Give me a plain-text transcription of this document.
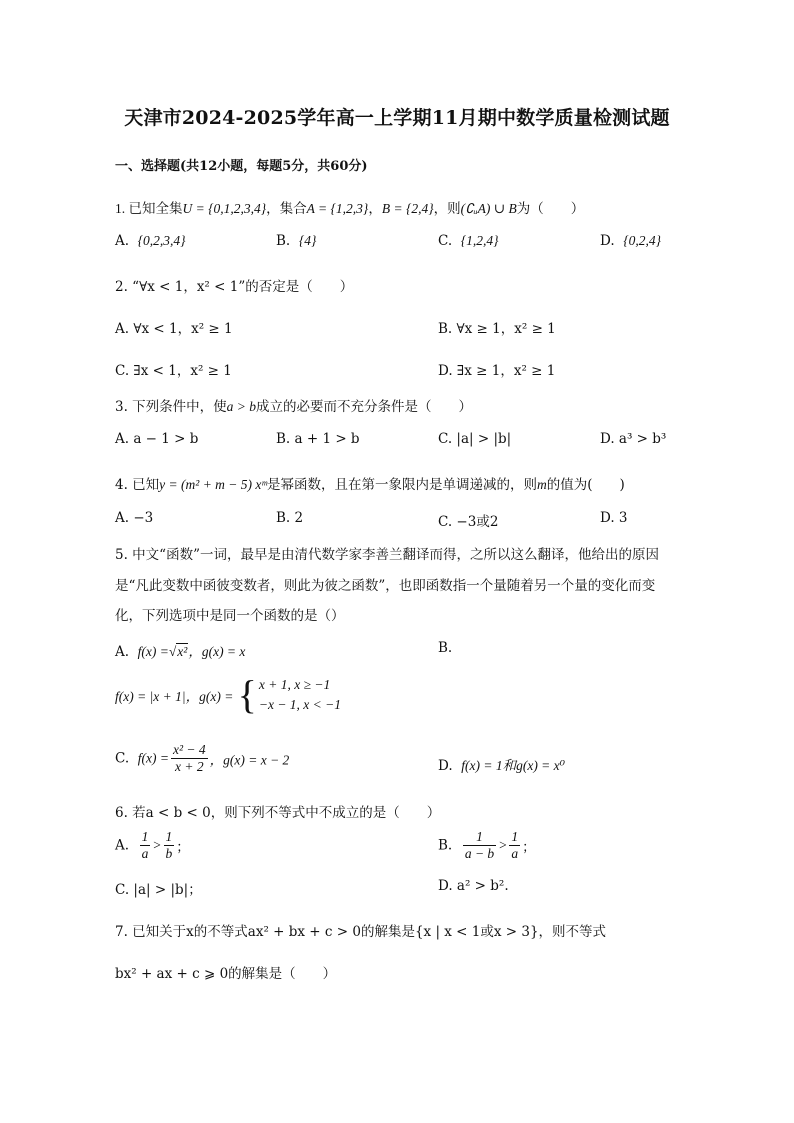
天津市2024-2025学年高一上学期11月期中数学质量检测试题
一、选择题(共12小题，每题5分，共60分)
1. 已知全集U = {0,1,2,3,4}，集合A = {1,2,3}，B = {2,4}，则(∁ᵤA) ∪ B为（　　）
A. {0,2,3,4}	B. {4}	C. {1,2,4}	D. {0,2,4}
2. “∀x < 1，x² < 1”的否定是（　　）
A. ∀x < 1，x² ≥ 1	B. ∀x ≥ 1，x² ≥ 1
C. ∃x < 1，x² ≥ 1	D. ∃x ≥ 1，x² ≥ 1
3. 下列条件中，使a > b成立的必要而不充分条件是（　　）
A. a − 1 > b	B. a + 1 > b	C. |a| > |b|	D. a³ > b³
4. 已知y = (m² + m − 5) xᵐ是幂函数，且在第一象限内是单调递减的，则m的值为(　　)
A. −3	B. 2	C. −3或2	D. 3
5. 中文“函数”一词，最早是由清代数学家李善兰翻译而得，之所以这么翻译，他给出的原因
是“凡此变数中函彼变数者，则此为彼之函数”，也即函数指一个量随着另一个量的变化而变
化，下列选项中是同一个函数的是（）
A. f(x) =√x²，g(x) = x	B.
f(x) = |x + 1|，g(x) = { x + 1, x ≥ −1
−x − 1, x < −1
C. $f(x) = \frac{\text{x² − 4}}{x + 2}$ ，g(x) = x − 2	D. f(x) = 1和g(x) = x⁰
6. 若a < b < 0，则下列不等式中不成立的是（　　）
A. $\frac{1}{a} > \frac{1}{b}$ ；	B. $\frac{1}{a - b} > \frac{1}{a}$ ；
C. |a| > |b|；	D. a² > b².
7. 已知关于x的不等式ax² + bx + c > 0的解集是{x | x < 1或x > 3}，则不等式
bx² + ax + c ⩾ 0的解集是（　　）
